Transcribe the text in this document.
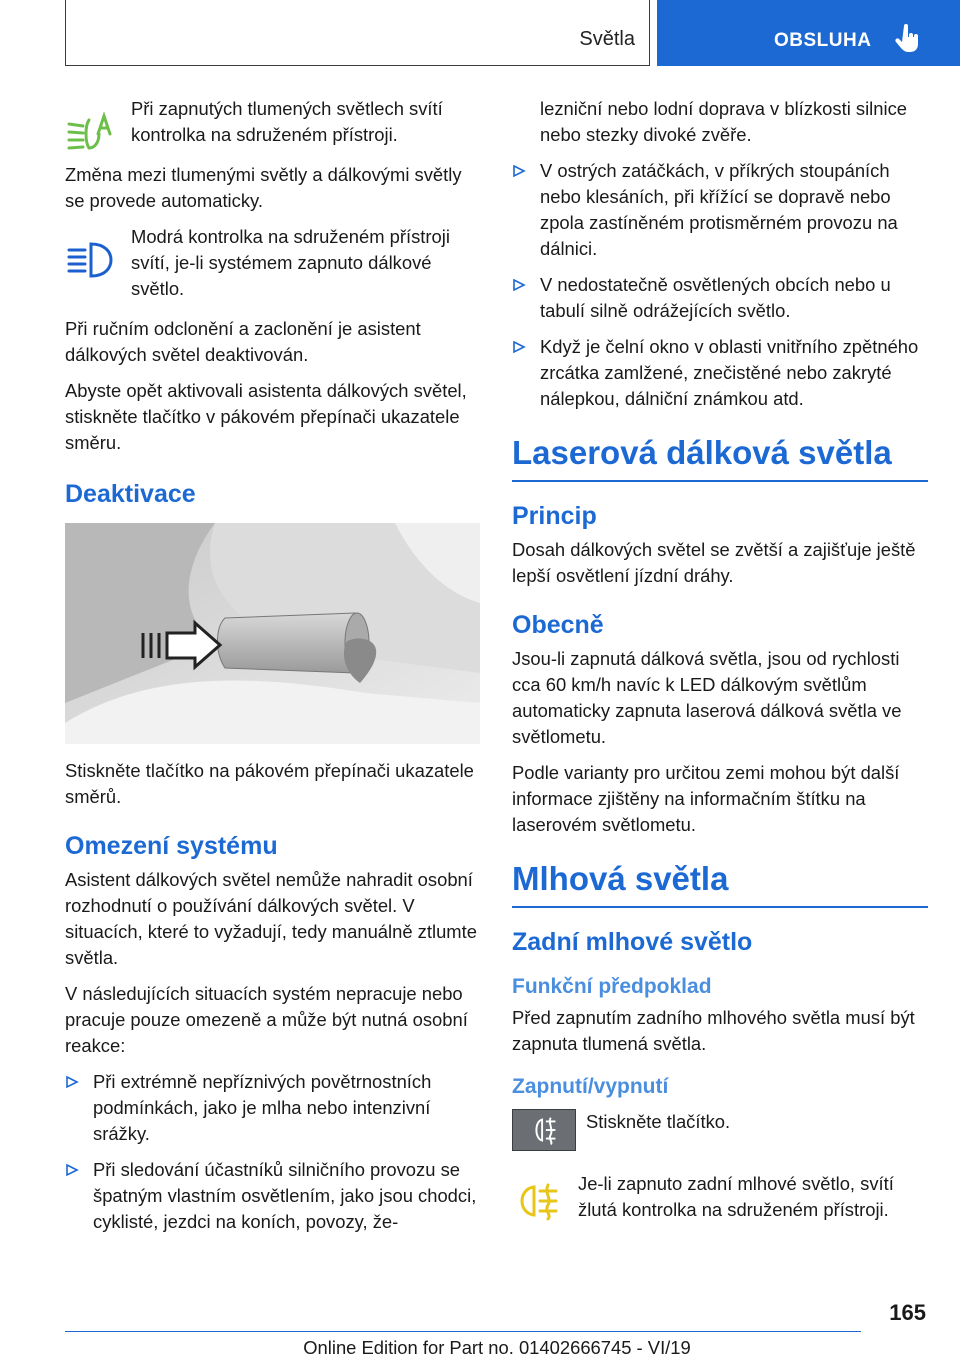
Světla	OBSLUHA

Při zapnutých tlumených světlech svítí kontrolka na sdruženém přístroji.

Změna mezi tlumenými světly a dálkovými světly se provede automaticky.

Modrá kontrolka na sdruženém přístroji svítí, je-li systémem zapnuto dálkové světlo.

Při ručním odclonění a zaclonění je asistent dálkových světel deaktivován.

Abyste opět aktivovali asistenta dálkových světel, stiskněte tlačítko v pákovém přepínači ukazatele směru.

Deaktivace

Stiskněte tlačítko na pákovém přepínači ukazatele směrů.

Omezení systému

Asistent dálkových světel nemůže nahradit osobní rozhodnutí o používání dálkových světel. V situacích, které to vyžadují, tedy manuálně ztlumte světla.

V následujících situacích systém nepracuje nebo pracuje pouze omezeně a může být nutná osobní reakce:

Při extrémně nepříznivých povětrnostních podmínkách, jako je mlha nebo intenzivní srážky.
Při sledování účastníků silničního provozu se špatným vlastním osvětlením, jako jsou chodci, cyklisté, jezdci na koních, povozy, že-

lezniční nebo lodní doprava v blízkosti silnice nebo stezky divoké zvěře.

V ostrých zatáčkách, v příkrých stoupáních nebo klesáních, při křížící se dopravě nebo zpola zastíněném protisměrném provozu na dálnici.
V nedostatečně osvětlených obcích nebo u tabulí silně odrážejících světlo.
Když je čelní okno v oblasti vnitřního zpětného zrcátka zamlžené, znečistěné nebo zakryté nálepkou, dálniční známkou atd.
Laserová dálková světla
Princip

Dosah dálkových světel se zvětší a zajišťuje ještě lepší osvětlení jízdní dráhy.

Obecně

Jsou-li zapnutá dálková světla, jsou od rychlosti cca 60 km/h navíc k LED dálkovým světlům automaticky zapnuta laserová dálková světla ve světlometu.

Podle varianty pro určitou zemi mohou být další informace zjištěny na informačním štítku na laserovém světlometu.

Mlhová světla
Zadní mlhové světlo
Funkční předpoklad

Před zapnutím zadního mlhového světla musí být zapnuta tlumená světla.

Zapnutí/vypnutí

Stiskněte tlačítko.

Je-li zapnuto zadní mlhové světlo, svítí žlutá kontrolka na sdruženém přístroji.

165
Online Edition for Part no. 01402666745 - VI/19
